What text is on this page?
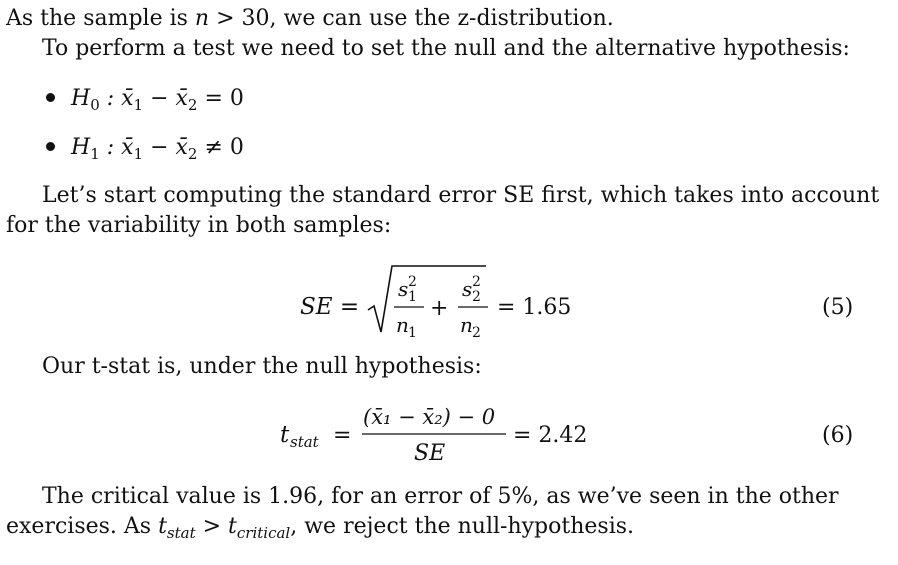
As the sample is n > 30, we can use the z-distribution.
To perform a test we need to set the null and the alternative hypothesis:
$H_0$ : $x̄_1$ − $x̄_2 = 0$
$H_1$ : $x̄_1$ − $x̄_2 \ne 0$
Let’s start computing the standard error SE first, which takes into account
for the variability in both samples:
SE =
s 2
1
n 1
+
s 2
2
n 2
= 1.65	(5)
Our t-stat is, under the null hypothesis:
t stat =
(x̄₁ − x̄₂) − 0
SE
= 2.42	(6)
The critical value is 1.96, for an error of 5%, as we’ve seen in the other
exercises. As $t_{stat} > t_{critical}$, we reject the null-hypothesis.
